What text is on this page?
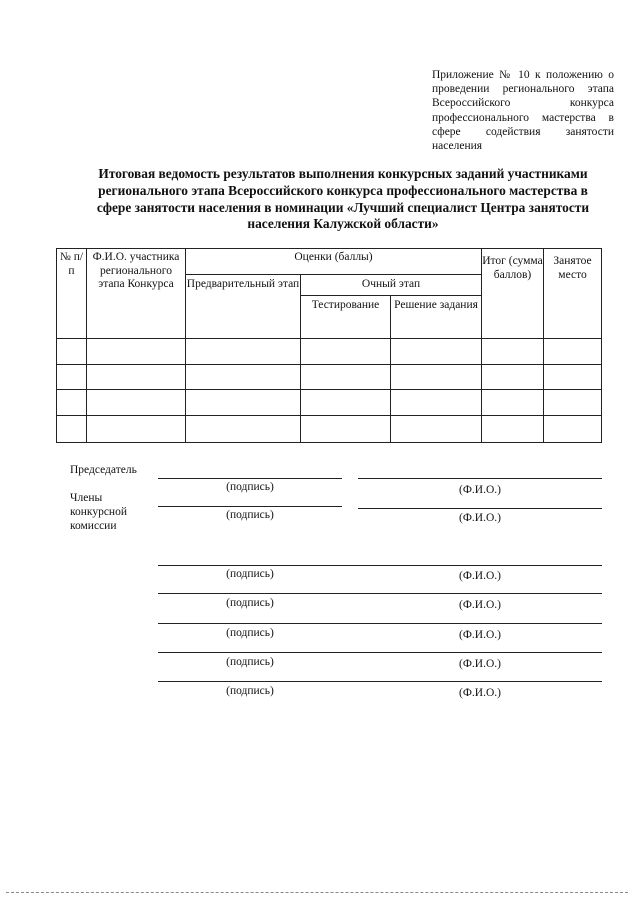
Приложение № 10 к положению о проведении регионального этапа Всероссийского конкурса профессионального мастерства в сфере содействия занятости населения
Итоговая ведомость результатов выполнения конкурсных заданий участниками регионального этапа Всероссийского конкурса профессионального мастерства в сфере занятости населения в номинации «Лучший специалист Центра занятости населения Калужской области»
№ п/п	Ф.И.О. участника регионального этапа Конкурса	Оценки (баллы)			Итог (сумма баллов)	Занятое место
		Предварительный этап	Очный этап			
			Тестирование	Решение задания		

Председатель
Члены конкурсной комиссии
(подпись)	(Ф.И.О.)
(подпись)	(Ф.И.О.)
(подпись)	(Ф.И.О.)
(подпись)	(Ф.И.О.)
(подпись)	(Ф.И.О.)
(подпись)	(Ф.И.О.)
(подпись)	(Ф.И.О.)
